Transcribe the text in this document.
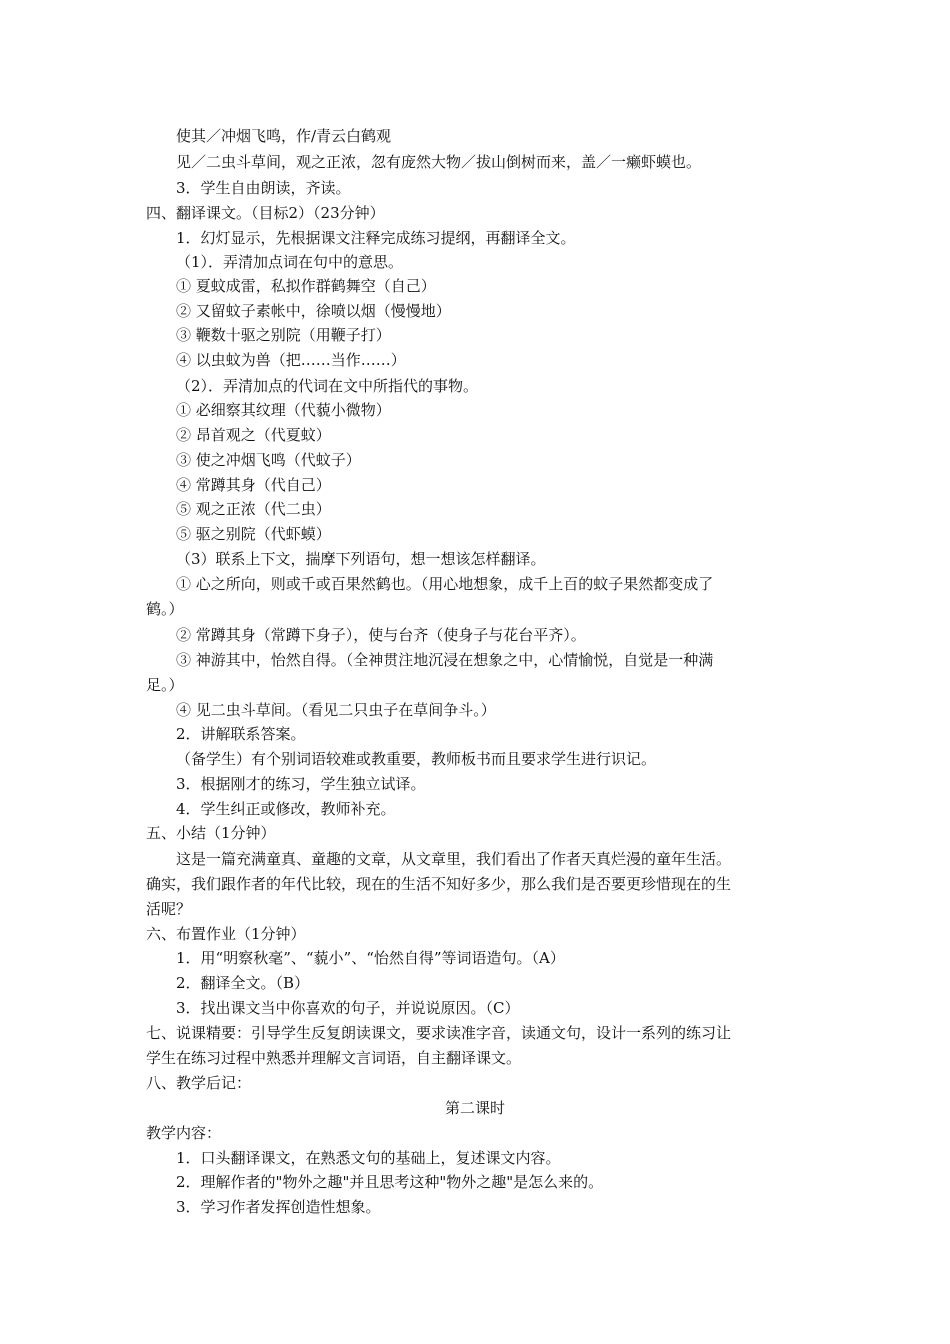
使其／冲烟飞鸣，作/青云白鹤观
见／二虫斗草间，观之正浓，忽有庞然大物／拔山倒树而来，盖／一癞虾蟆也。
3．学生自由朗读，齐读。
四、翻译课文。（目标2）（23分钟）
1．幻灯显示，先根据课文注释完成练习提纲，再翻译全文。
（1）．弄清加点词在句中的意思。
① 夏蚊成雷，私拟作群鹤舞空（自己）
② 又留蚊子素帐中，徐喷以烟（慢慢地）
③ 鞭数十驱之别院（用鞭子打）
④ 以虫蚊为兽（把……当作……）
（2）．弄清加点的代词在文中所指代的事物。
① 必细察其纹理（代藐小微物）
② 昂首观之（代夏蚊）
③ 使之冲烟飞鸣（代蚊子）
④ 常蹲其身（代自己）
⑤ 观之正浓（代二虫）
⑤ 驱之别院（代虾蟆）
（3）联系上下文，揣摩下列语句，想一想该怎样翻译。
① 心之所向，则或千或百果然鹤也。（用心地想象，成千上百的蚊子果然都变成了
鹤。）
② 常蹲其身（常蹲下身子），使与台齐（使身子与花台平齐）。
③ 神游其中，怡然自得。（全神贯注地沉浸在想象之中，心情愉悦，自觉是一种满
足。）
④ 见二虫斗草间。（看见二只虫子在草间争斗。）
2．讲解联系答案。
（备学生）有个别词语较难或教重要，教师板书而且要求学生进行识记。
3．根据刚才的练习，学生独立试译。
4．学生纠正或修改，教师补充。
五、小结（1分钟）
这是一篇充满童真、童趣的文章，从文章里，我们看出了作者天真烂漫的童年生活。
确实，我们跟作者的年代比较，现在的生活不知好多少，那么我们是否要更珍惜现在的生
活呢？
六、布置作业（1分钟）
1．用“明察秋毫”、“藐小”、“怡然自得”等词语造句。（A）
2．翻译全文。（B）
3．找出课文当中你喜欢的句子，并说说原因。（C）
七、说课精要：引导学生反复朗读课文，要求读准字音，读通文句，设计一系列的练习让
学生在练习过程中熟悉并理解文言词语，自主翻译课文。
八、教学后记：
第二课时
教学内容：
1．口头翻译课文，在熟悉文句的基础上，复述课文内容。
2．理解作者的"物外之趣"并且思考这种"物外之趣"是怎么来的。
3．学习作者发挥创造性想象。
